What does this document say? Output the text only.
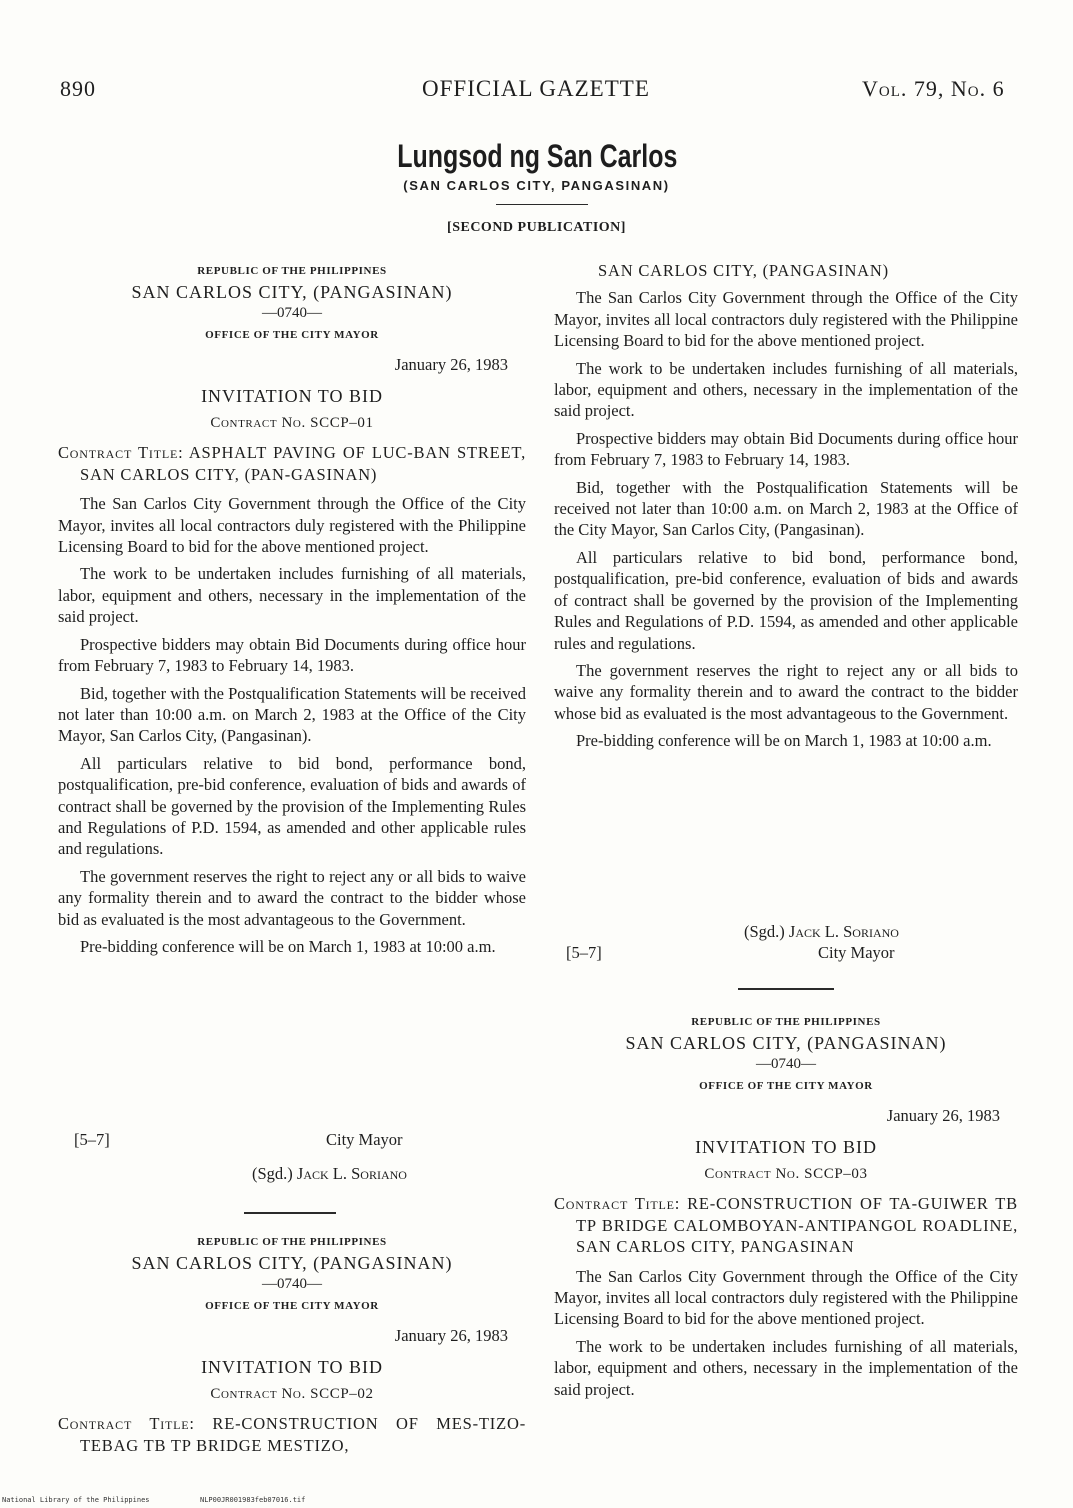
890	OFFICIAL GAZETTE	Vol. 79, No. 6
Lungsod ng San Carlos
(SAN CARLOS CITY, PANGASINAN)
[SECOND PUBLICATION]
REPUBLIC OF THE PHILIPPINES
SAN CARLOS CITY, (PANGASINAN)
—0740—
OFFICE OF THE CITY MAYOR
January 26, 1983
INVITATION TO BID
Contract No. SCCP–01
Contract Title: ASPHALT PAVING OF LUC-BAN STREET, SAN CARLOS CITY, (PAN-GASINAN)

The San Carlos City Government through the Office of the City Mayor, invites all local contractors duly registered with the Philippine Licensing Board to bid for the above mentioned project.

The work to be undertaken includes furnishing of all materials, labor, equipment and others, necessary in the implementation of the said project.

Prospective bidders may obtain Bid Documents during office hour from February 7, 1983 to February 14, 1983.

Bid, together with the Postqualification Statements will be received not later than 10:00 a.m. on March 2, 1983 at the Office of the City Mayor, San Carlos City, (Pangasinan).

All particulars relative to bid bond, performance bond, postqualification, pre-bid conference, evaluation of bids and awards of contract shall be governed by the provision of the Implementing Rules and Regulations of P.D. 1594, as amended and other applicable rules and regulations.

The government reserves the right to reject any or all bids to waive any formality therein and to award the contract to the bidder whose bid as evaluated is the most advantageous to the Government.

Pre-bidding conference will be on March 1, 1983 at 10:00 a.m.

[5–7]	City Mayor
(Sgd.) Jack L. Soriano
REPUBLIC OF THE PHILIPPINES
SAN CARLOS CITY, (PANGASINAN)
—0740—
OFFICE OF THE CITY MAYOR
January 26, 1983
INVITATION TO BID
Contract No. SCCP–02
Contract Title: RE-CONSTRUCTION OF MES-TIZO-TEBAG TB TP BRIDGE MESTIZO,
SAN CARLOS CITY, (PANGASINAN)

The San Carlos City Government through the Office of the City Mayor, invites all local contractors duly registered with the Philippine Licensing Board to bid for the above mentioned project.

The work to be undertaken includes furnishing of all materials, labor, equipment and others, necessary in the implementation of the said project.

Prospective bidders may obtain Bid Documents during office hour from February 7, 1983 to February 14, 1983.

Bid, together with the Postqualification Statements will be received not later than 10:00 a.m. on March 2, 1983 at the Office of the City Mayor, San Carlos City, (Pangasinan).

All particulars relative to bid bond, performance bond, postqualification, pre-bid conference, evaluation of bids and awards of contract shall be governed by the provision of the Implementing Rules and Regulations of P.D. 1594, as amended and other applicable rules and regulations.

The government reserves the right to reject any or all bids to waive any formality therein and to award the contract to the bidder whose bid as evaluated is the most advantageous to the Government.

Pre-bidding conference will be on March 1, 1983 at 10:00 a.m.

(Sgd.) Jack L. Soriano
[5–7]	City Mayor
REPUBLIC OF THE PHILIPPINES
SAN CARLOS CITY, (PANGASINAN)
—0740—
OFFICE OF THE CITY MAYOR
January 26, 1983
INVITATION TO BID
Contract No. SCCP–03
Contract Title: RE-CONSTRUCTION OF TA-GUIWER TB TP BRIDGE CALOMBOYAN-ANTIPANGOL ROADLINE, SAN CARLOS CITY, PANGASINAN

The San Carlos City Government through the Office of the City Mayor, invites all local contractors duly registered with the Philippine Licensing Board to bid for the above mentioned project.

The work to be undertaken includes furnishing of all materials, labor, equipment and others, necessary in the implementation of the said project.

National Library of the Philippines	NLP00JR001983feb07016.tif
